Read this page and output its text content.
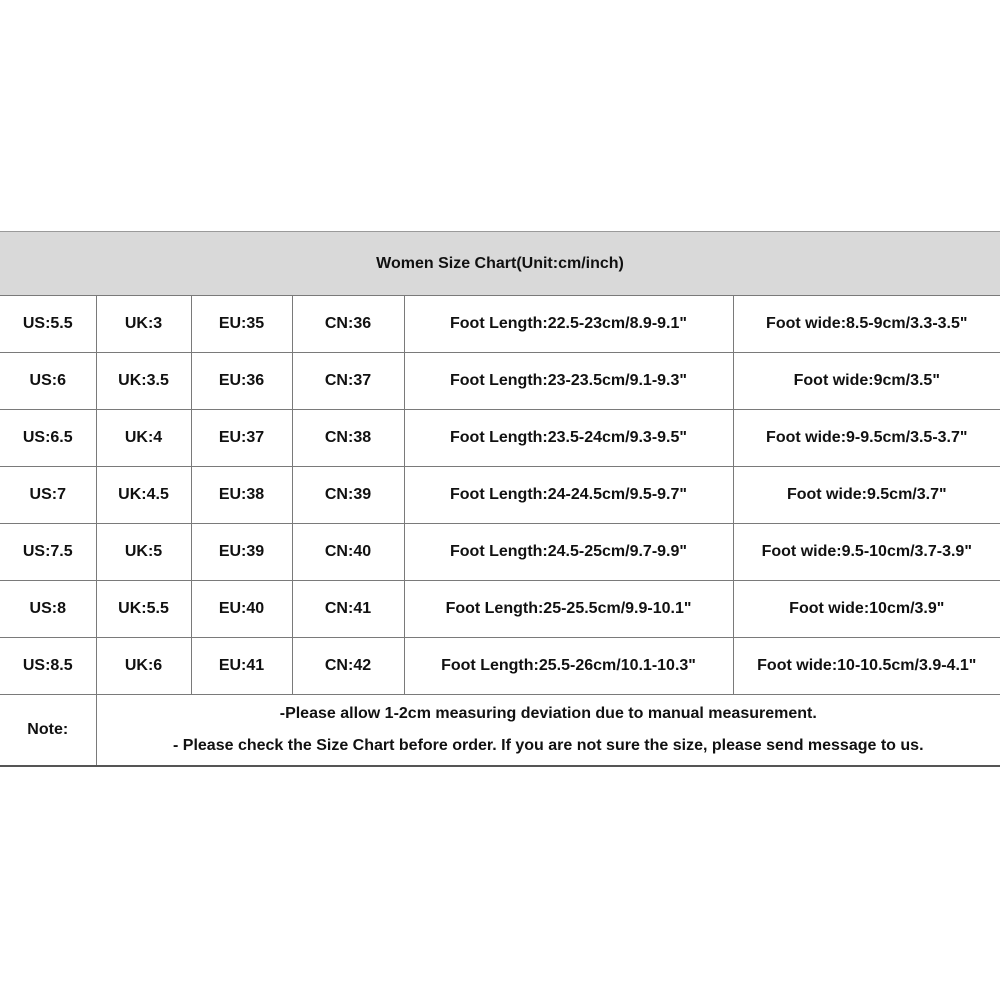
Women Size Chart(Unit:cm/inch)					
US:5.5	UK:3	EU:35	CN:36	Foot Length:22.5-23cm/8.9-9.1"	Foot wide:8.5-9cm/3.3-3.5"
US:6	UK:3.5	EU:36	CN:37	Foot Length:23-23.5cm/9.1-9.3"	Foot wide:9cm/3.5"
US:6.5	UK:4	EU:37	CN:38	Foot Length:23.5-24cm/9.3-9.5"	Foot wide:9-9.5cm/3.5-3.7"
US:7	UK:4.5	EU:38	CN:39	Foot Length:24-24.5cm/9.5-9.7"	Foot wide:9.5cm/3.7"
US:7.5	UK:5	EU:39	CN:40	Foot Length:24.5-25cm/9.7-9.9"	Foot wide:9.5-10cm/3.7-3.9"
US:8	UK:5.5	EU:40	CN:41	Foot Length:25-25.5cm/9.9-10.1"	Foot wide:10cm/3.9"
US:8.5	UK:6	EU:41	CN:42	Foot Length:25.5-26cm/10.1-10.3"	Foot wide:10-10.5cm/3.9-4.1"
Note:	-Please allow 1-2cm measuring deviation due to manual measurement.
- Please check the Size Chart before order. If you are not sure the size, please send message to us.				
